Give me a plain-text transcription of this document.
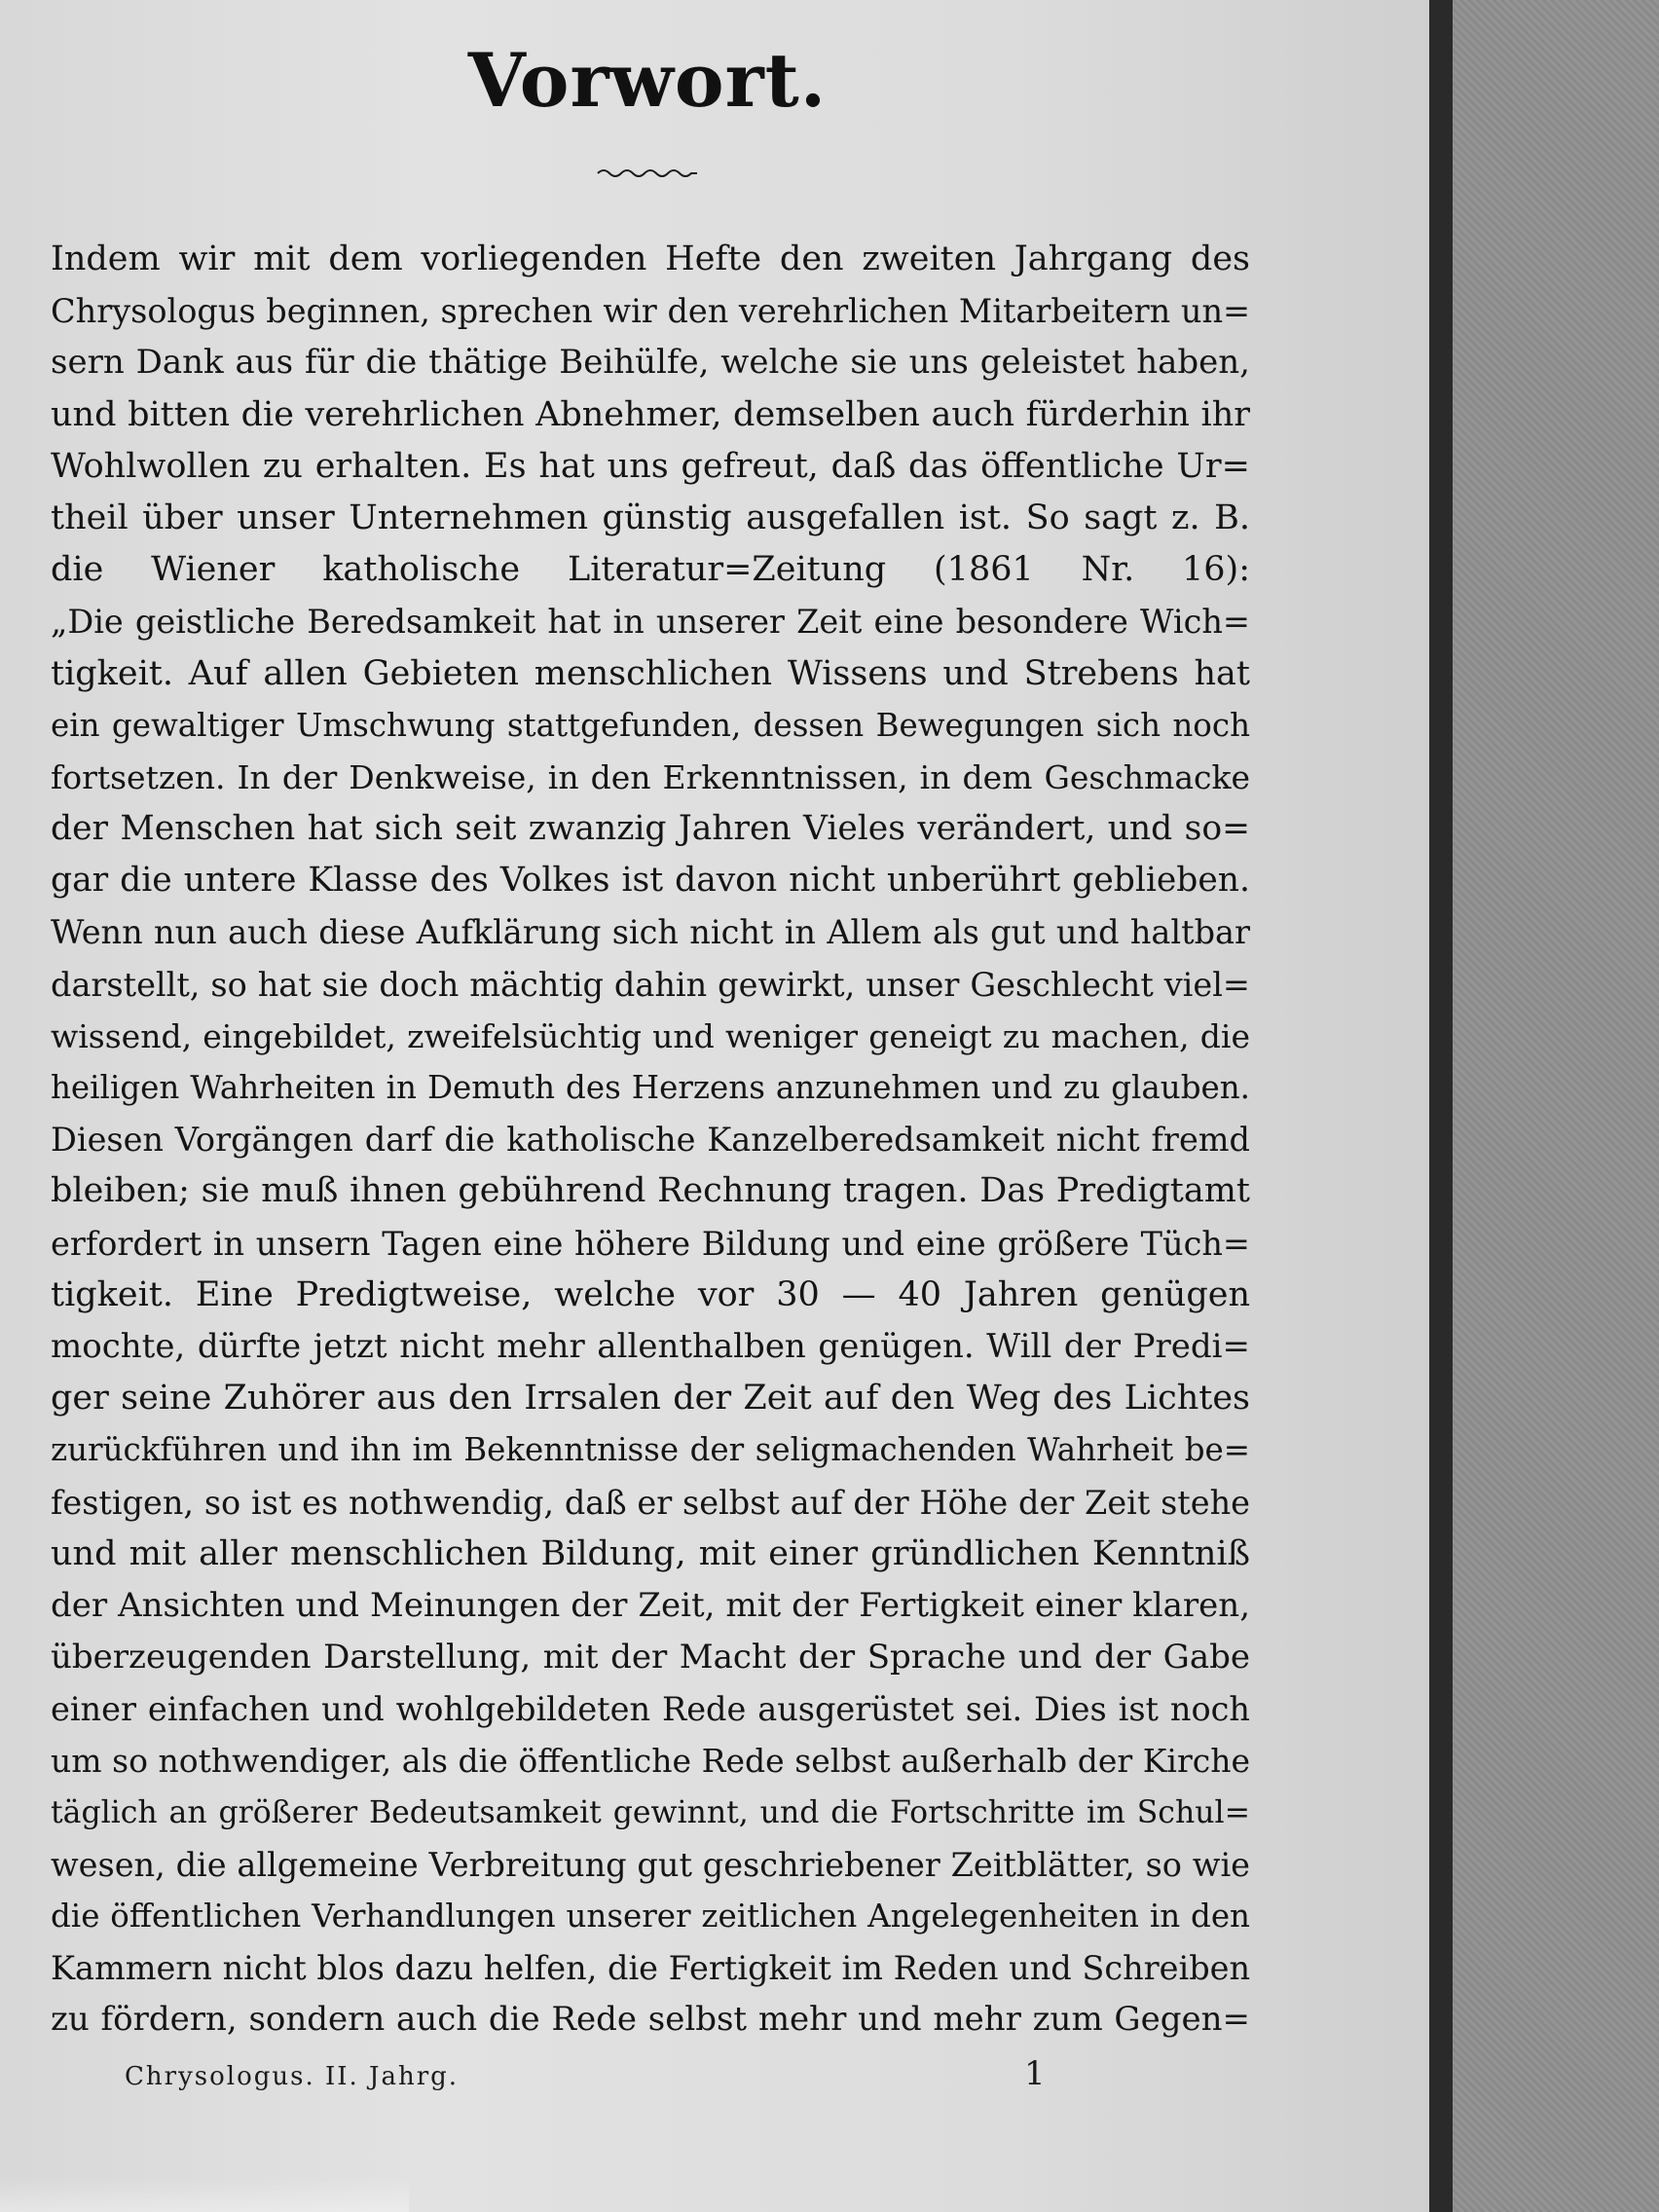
Vorwort.
Indem wir mit dem vorliegenden Hefte den zweiten Jahrgang des
Chrysologus beginnen, sprechen wir den verehrlichen Mitarbeitern un=
sern Dank aus für die thätige Beihülfe, welche sie uns geleistet haben,
und bitten die verehrlichen Abnehmer, demselben auch fürderhin ihr
Wohlwollen zu erhalten. Es hat uns gefreut, daß das öffentliche Ur=
theil über unser Unternehmen günstig ausgefallen ist. So sagt z. B.
die Wiener katholische Literatur=Zeitung (1861 Nr. 16):
„Die geistliche Beredsamkeit hat in unserer Zeit eine besondere Wich=
tigkeit. Auf allen Gebieten menschlichen Wissens und Strebens hat
ein gewaltiger Umschwung stattgefunden, dessen Bewegungen sich noch
fortsetzen. In der Denkweise, in den Erkenntnissen, in dem Geschmacke
der Menschen hat sich seit zwanzig Jahren Vieles verändert, und so=
gar die untere Klasse des Volkes ist davon nicht unberührt geblieben.
Wenn nun auch diese Aufklärung sich nicht in Allem als gut und haltbar
darstellt, so hat sie doch mächtig dahin gewirkt, unser Geschlecht viel=
wissend, eingebildet, zweifelsüchtig und weniger geneigt zu machen, die
heiligen Wahrheiten in Demuth des Herzens anzunehmen und zu glauben.
Diesen Vorgängen darf die katholische Kanzelberedsamkeit nicht fremd
bleiben; sie muß ihnen gebührend Rechnung tragen. Das Predigtamt
erfordert in unsern Tagen eine höhere Bildung und eine größere Tüch=
tigkeit. Eine Predigtweise, welche vor 30 — 40 Jahren genügen
mochte, dürfte jetzt nicht mehr allenthalben genügen. Will der Predi=
ger seine Zuhörer aus den Irrsalen der Zeit auf den Weg des Lichtes
zurückführen und ihn im Bekenntnisse der seligmachenden Wahrheit be=
festigen, so ist es nothwendig, daß er selbst auf der Höhe der Zeit stehe
und mit aller menschlichen Bildung, mit einer gründlichen Kenntniß
der Ansichten und Meinungen der Zeit, mit der Fertigkeit einer klaren,
überzeugenden Darstellung, mit der Macht der Sprache und der Gabe
einer einfachen und wohlgebildeten Rede ausgerüstet sei. Dies ist noch
um so nothwendiger, als die öffentliche Rede selbst außerhalb der Kirche
täglich an größerer Bedeutsamkeit gewinnt, und die Fortschritte im Schul=
wesen, die allgemeine Verbreitung gut geschriebener Zeitblätter, so wie
die öffentlichen Verhandlungen unserer zeitlichen Angelegenheiten in den
Kammern nicht blos dazu helfen, die Fertigkeit im Reden und Schreiben
zu fördern, sondern auch die Rede selbst mehr und mehr zum Gegen=
Chrysologus. II. Jahrg.	1
